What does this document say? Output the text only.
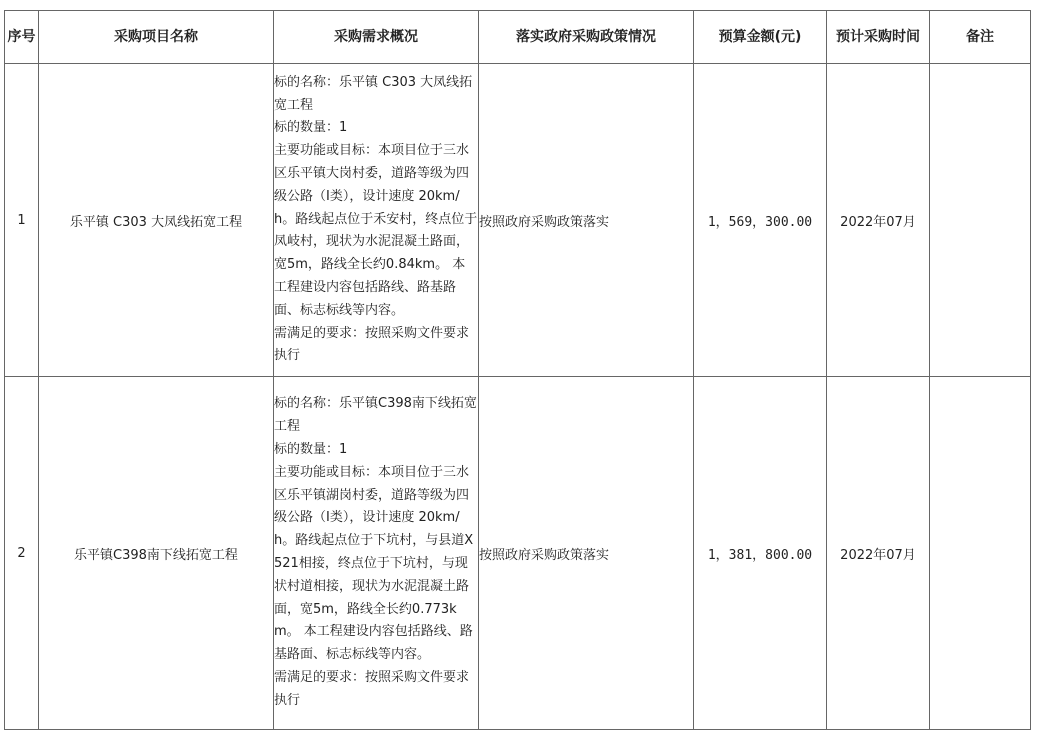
序号	采购项目名称	采购需求概况	落实政府采购政策情况	预算金额(元)	预计采购时间	备注
1	乐平镇 C303 大凤线拓宽工程	标的名称：乐平镇 C303 大凤线拓宽工程
标的数量：1
主要功能或目标：本项目位于三水区乐平镇大岗村委，道路等级为四级公路（Ⅰ类），设计速度 20km/h。路线起点位于禾安村，终点位于凤岐村，现状为水泥混凝土路面，宽5m，路线全长约0.84km。 本工程建设内容包括路线、路基路面、标志标线等内容。
需满足的要求：按照采购文件要求执行	按照政府采购政策落实	1，569，300.00	2022年07月	
2	乐平镇C398南下线拓宽工程	标的名称：乐平镇C398南下线拓宽工程
标的数量：1
主要功能或目标：本项目位于三水区乐平镇湖岗村委，道路等级为四级公路（Ⅰ类），设计速度 20km/h。路线起点位于下坑村，与县道X521相接，终点位于下坑村，与现状村道相接，现状为水泥混凝土路面，宽5m，路线全长约0.773km。 本工程建设内容包括路线、路基路面、标志标线等内容。
需满足的要求：按照采购文件要求执行	按照政府采购政策落实	1，381，800.00	2022年07月	
